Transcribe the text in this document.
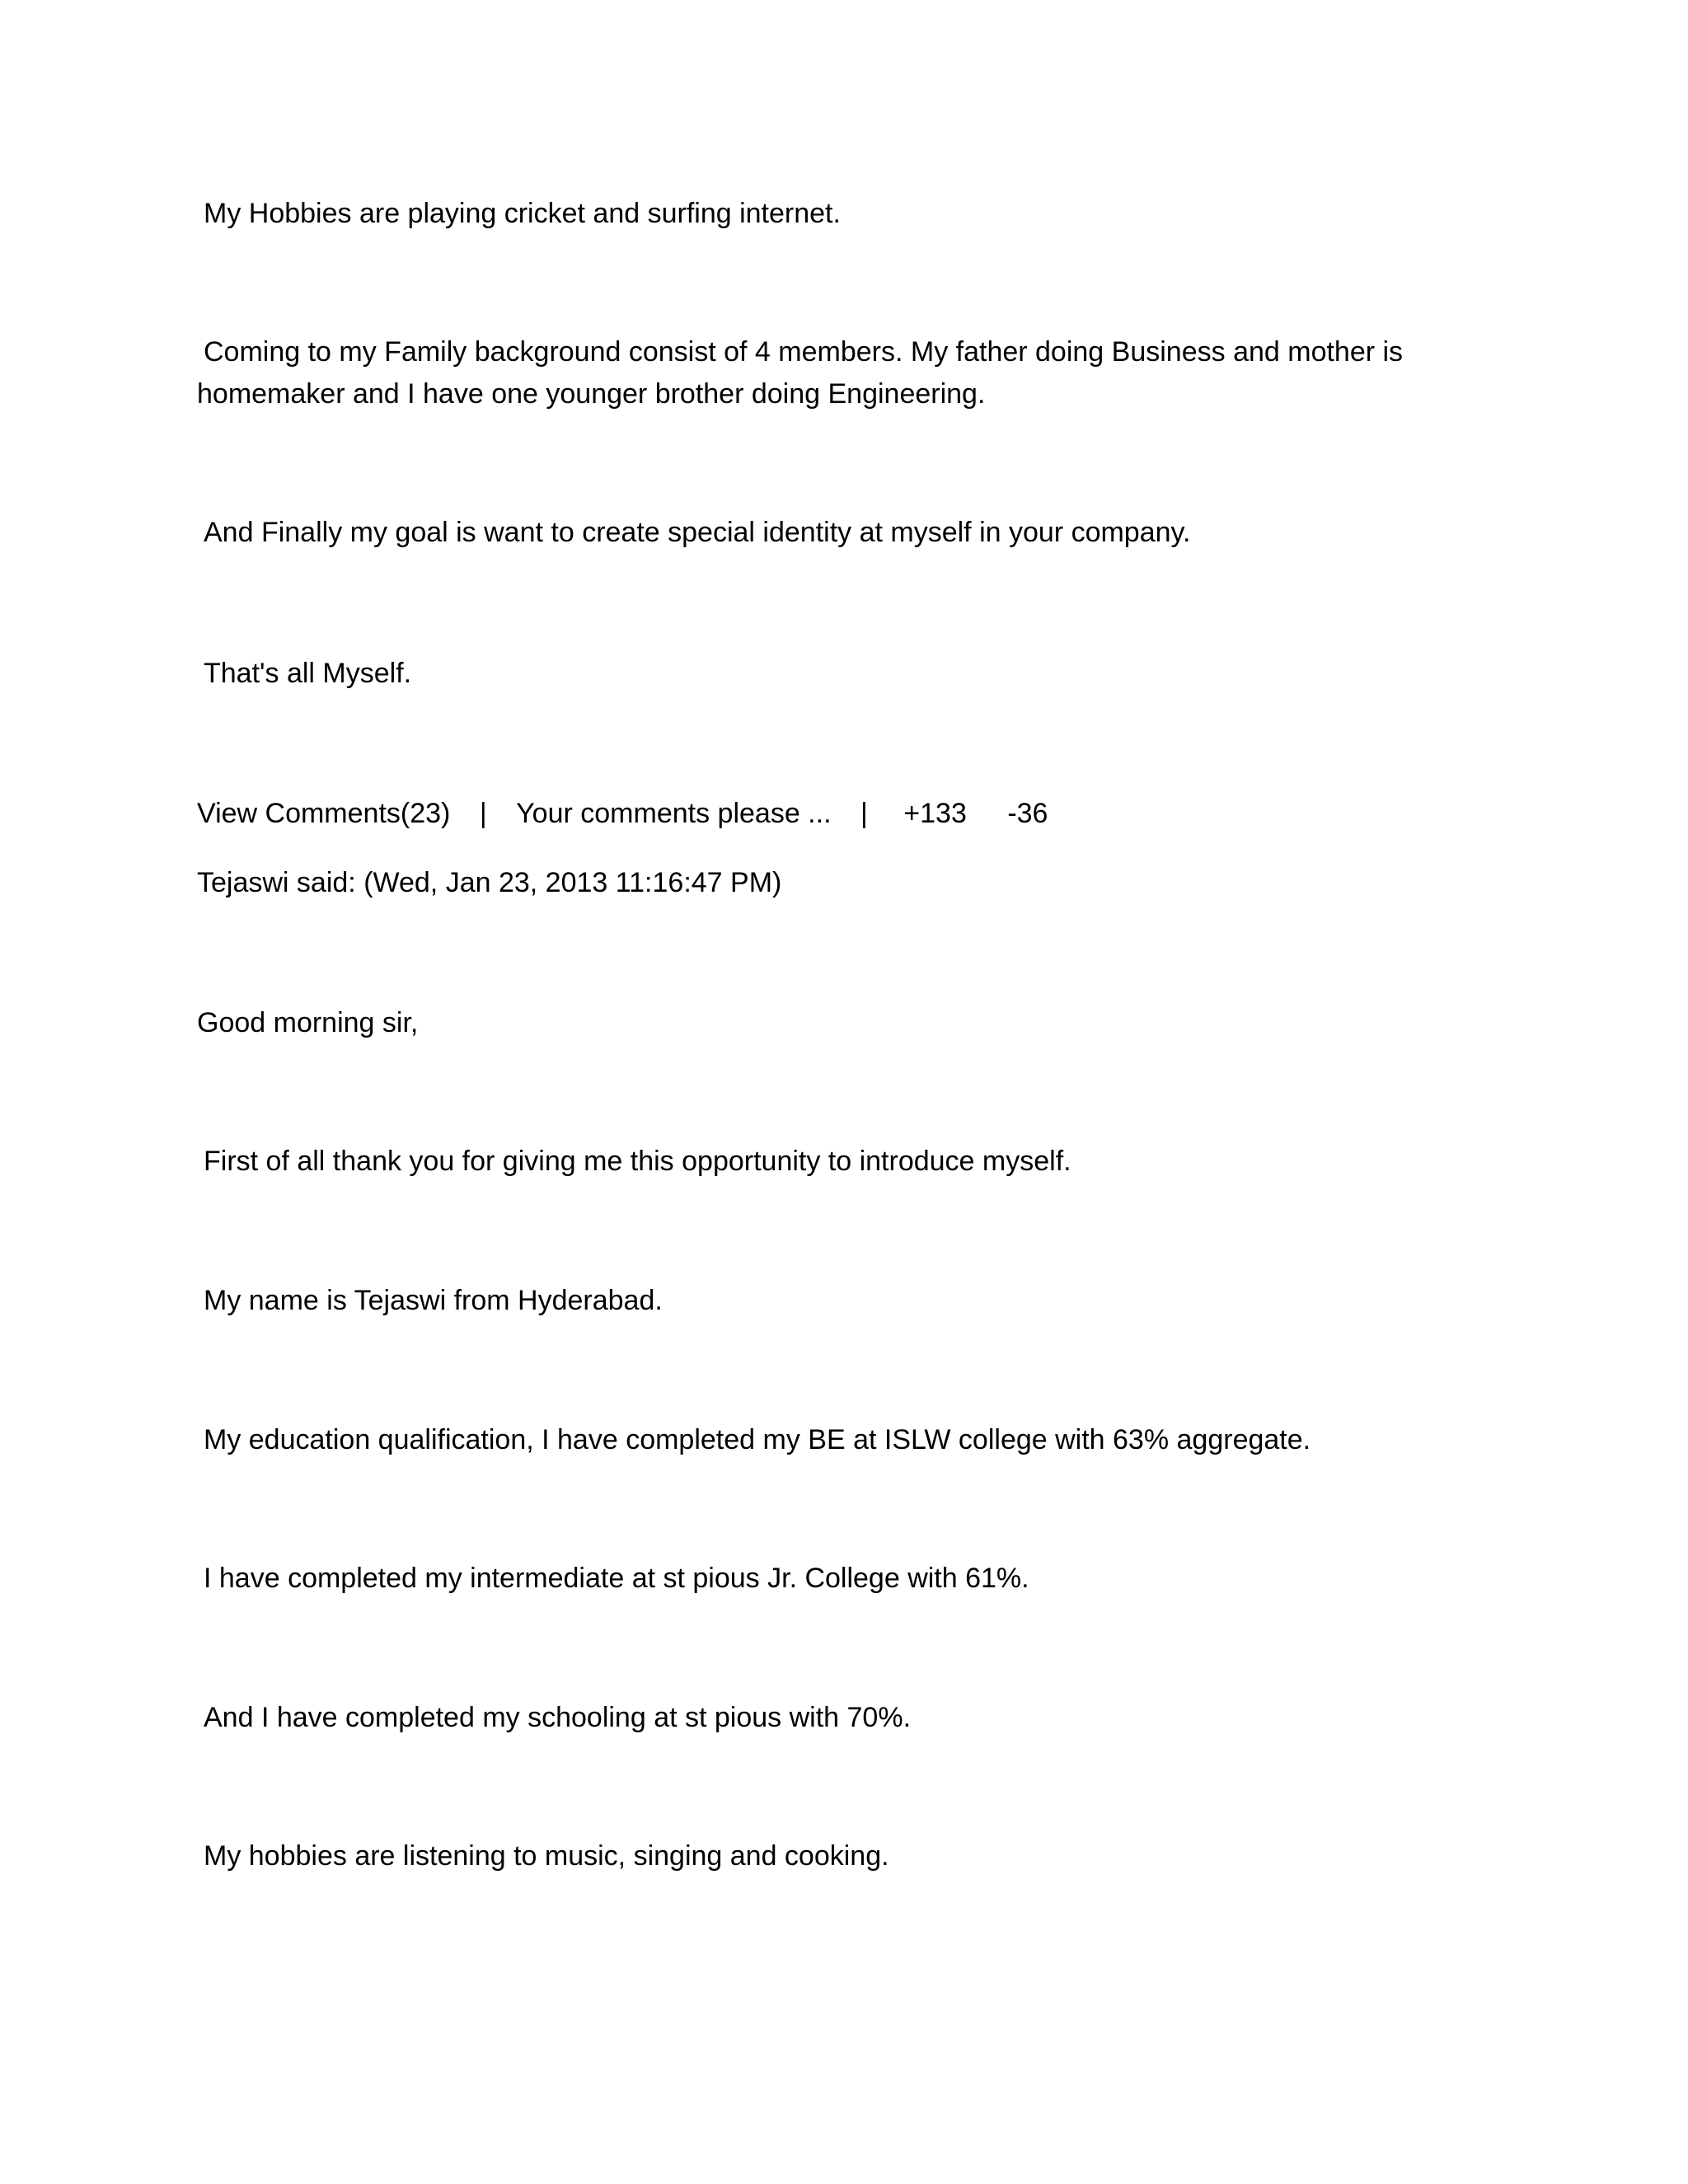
My Hobbies are playing cricket and surfing internet.

Coming to my Family background consist of 4 members. My father doing Business and mother is homemaker and I have one younger brother doing Engineering.

And Finally my goal is want to create special identity at myself in your company.

That's all Myself.

View Comments(23) | Your comments please ... | +133 -36

Tejaswi said: (Wed, Jan 23, 2013 11:16:47 PM)

Good morning sir,

First of all thank you for giving me this opportunity to introduce myself.

My name is Tejaswi from Hyderabad.

My education qualification, I have completed my BE at ISLW college with 63% aggregate.

I have completed my intermediate at st pious Jr. College with 61%.

And I have completed my schooling at st pious with 70%.

My hobbies are listening to music, singing and cooking.
